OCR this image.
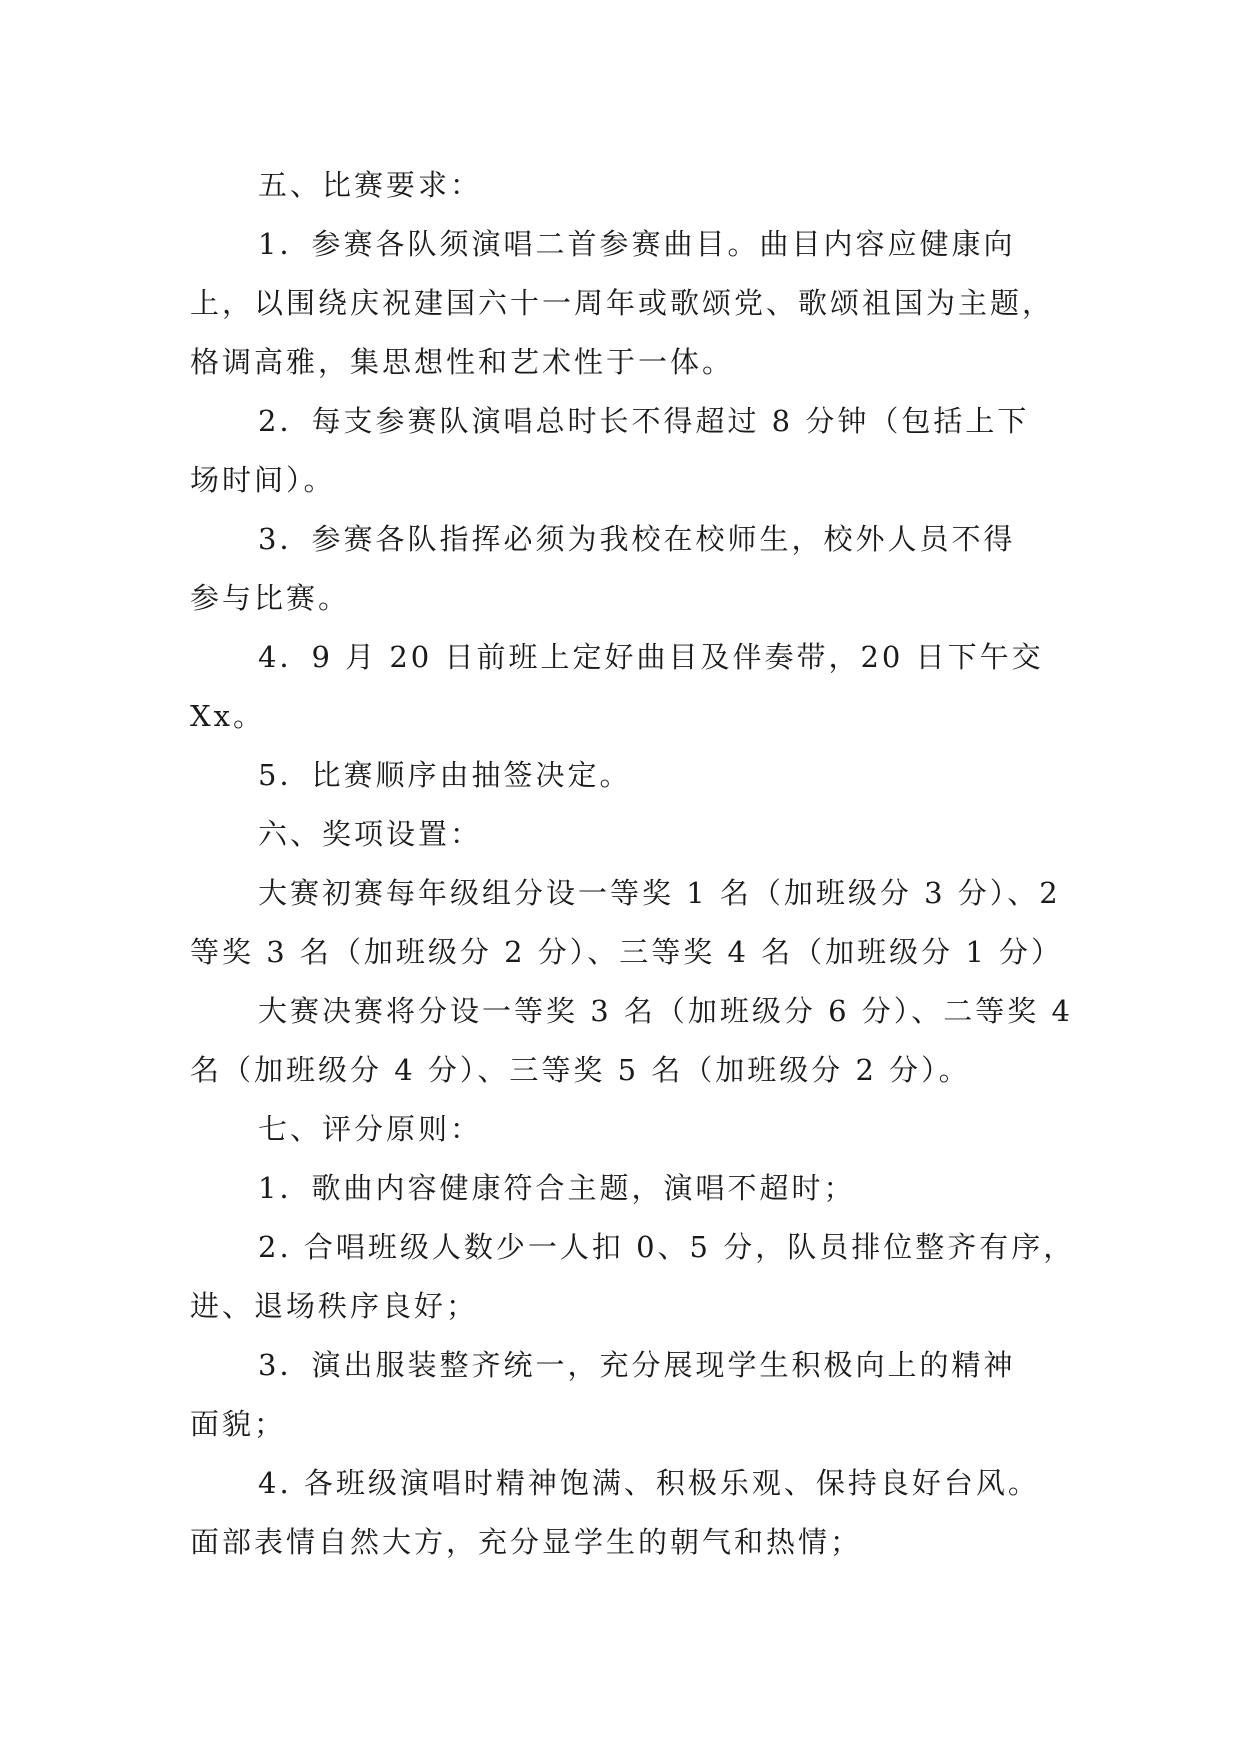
五、比赛要求：

1．参赛各队须演唱二首参赛曲目。曲目内容应健康向

上，以围绕庆祝建国六十一周年或歌颂党、歌颂祖国为主题，

格调高雅，集思想性和艺术性于一体。

2．每支参赛队演唱总时长不得超过 8 分钟（包括上下

场时间）。

3．参赛各队指挥必须为我校在校师生，校外人员不得

参与比赛。

4．9 月 20 日前班上定好曲目及伴奏带，20 日下午交

Xx。

5．比赛顺序由抽签决定。

六、奖项设置：

大赛初赛每年级组分设一等奖 1 名（加班级分 3 分）、2

等奖 3 名（加班级分 2 分）、三等奖 4 名（加班级分 1 分）

大赛决赛将分设一等奖 3 名（加班级分 6 分）、二等奖 4

名（加班级分 4 分）、三等奖 5 名（加班级分 2 分）。

七、评分原则：

1．歌曲内容健康符合主题，演唱不超时；

2. 合唱班级人数少一人扣 0、5 分，队员排位整齐有序，

进、退场秩序良好；

3．演出服装整齐统一，充分展现学生积极向上的精神

面貌；

4. 各班级演唱时精神饱满、积极乐观、保持良好台风。

面部表情自然大方，充分显学生的朝气和热情；
